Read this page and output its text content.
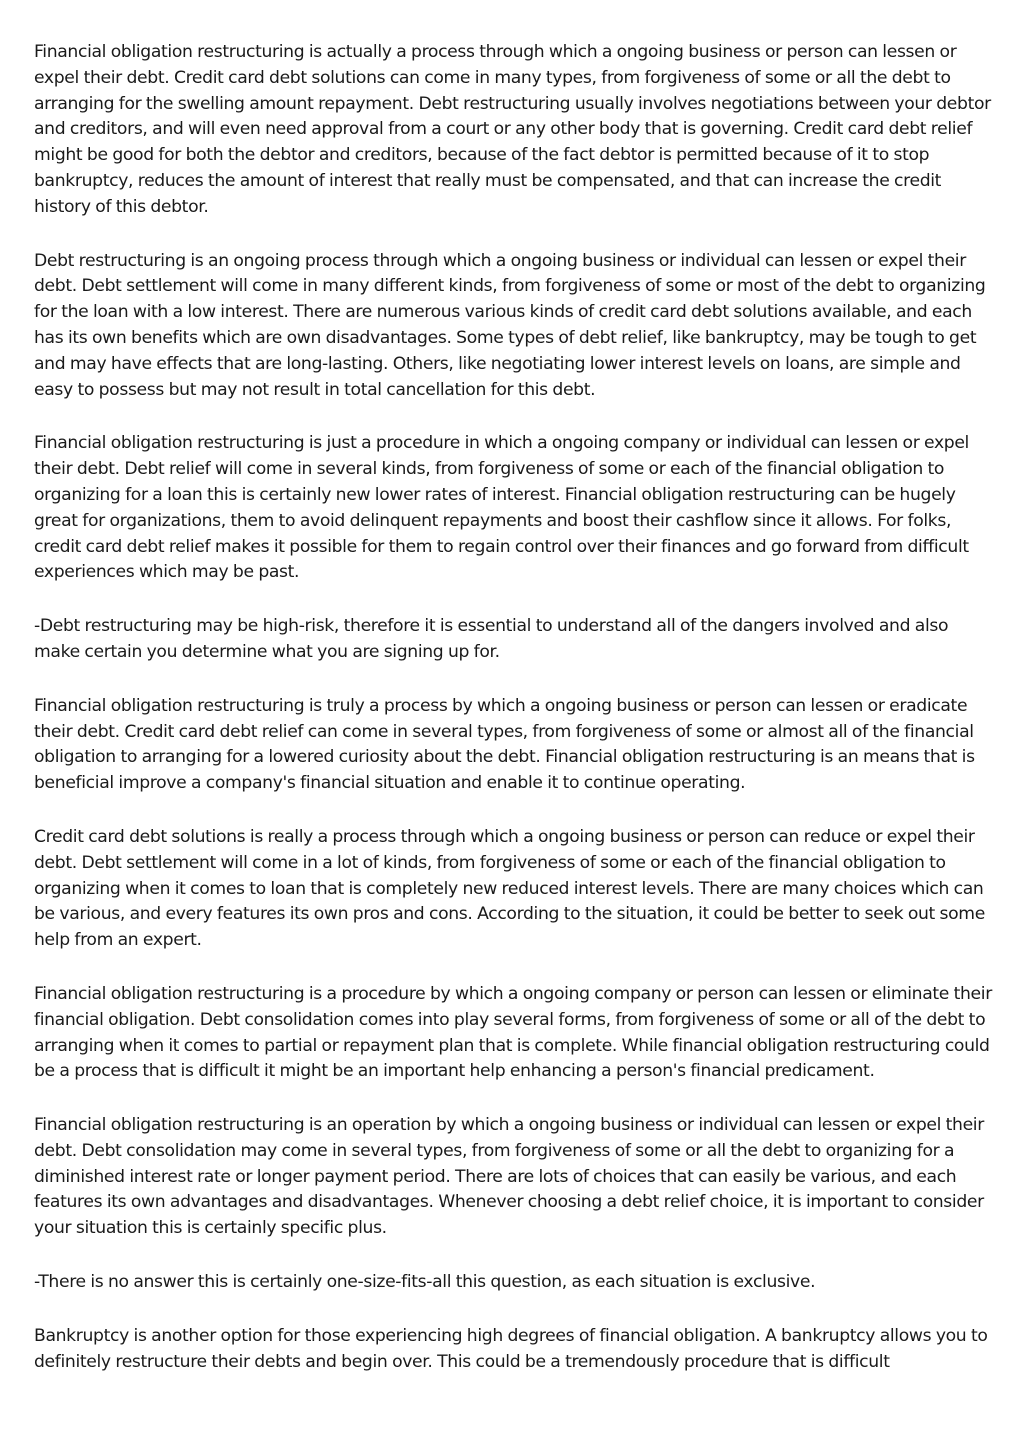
Financial obligation restructuring is actually a process through which a ongoing business or person can lessen or expel their debt. Credit card debt solutions can come in many types, from forgiveness of some or all the debt to arranging for the swelling amount repayment. Debt restructuring usually involves negotiations between your debtor and creditors, and will even need approval from a court or any other body that is governing. Credit card debt relief might be good for both the debtor and creditors, because of the fact debtor is permitted because of it to stop bankruptcy, reduces the amount of interest that really must be compensated, and that can increase the credit history of this debtor.

Debt restructuring is an ongoing process through which a ongoing business or individual can lessen or expel their debt. Debt settlement will come in many different kinds, from forgiveness of some or most of the debt to organizing for the loan with a low interest. There are numerous various kinds of credit card debt solutions available, and each has its own benefits which are own disadvantages. Some types of debt relief, like bankruptcy, may be tough to get and may have effects that are long-lasting. Others, like negotiating lower interest levels on loans, are simple and easy to possess but may not result in total cancellation for this debt.

Financial obligation restructuring is just a procedure in which a ongoing company or individual can lessen or expel their debt. Debt relief will come in several kinds, from forgiveness of some or each of the financial obligation to organizing for a loan this is certainly new lower rates of interest. Financial obligation restructuring can be hugely great for organizations, them to avoid delinquent repayments and boost their cashflow since it allows. For folks, credit card debt relief makes it possible for them to regain control over their finances and go forward from difficult experiences which may be past.

-Debt restructuring may be high-risk, therefore it is essential to understand all of the dangers involved and also make certain you determine what you are signing up for.

Financial obligation restructuring is truly a process by which a ongoing business or person can lessen or eradicate their debt. Credit card debt relief can come in several types, from forgiveness of some or almost all of the financial obligation to arranging for a lowered curiosity about the debt. Financial obligation restructuring is an means that is beneficial improve a company's financial situation and enable it to continue operating.

Credit card debt solutions is really a process through which a ongoing business or person can reduce or expel their debt. Debt settlement will come in a lot of kinds, from forgiveness of some or each of the financial obligation to organizing when it comes to loan that is completely new reduced interest levels. There are many choices which can be various, and every features its own pros and cons. According to the situation, it could be better to seek out some help from an expert.

Financial obligation restructuring is a procedure by which a ongoing company or person can lessen or eliminate their financial obligation. Debt consolidation comes into play several forms, from forgiveness of some or all of the debt to arranging when it comes to partial or repayment plan that is complete. While financial obligation restructuring could be a process that is difficult it might be an important help enhancing a person's financial predicament.

Financial obligation restructuring is an operation by which a ongoing business or individual can lessen or expel their debt. Debt consolidation may come in several types, from forgiveness of some or all the debt to organizing for a diminished interest rate or longer payment period. There are lots of choices that can easily be various, and each features its own advantages and disadvantages. Whenever choosing a debt relief choice, it is important to consider your situation this is certainly specific plus.

-There is no answer this is certainly one-size-fits-all this question, as each situation is exclusive.

Bankruptcy is another option for those experiencing high degrees of financial obligation. A bankruptcy allows you to definitely restructure their debts and begin over. This could be a tremendously procedure that is difficult
